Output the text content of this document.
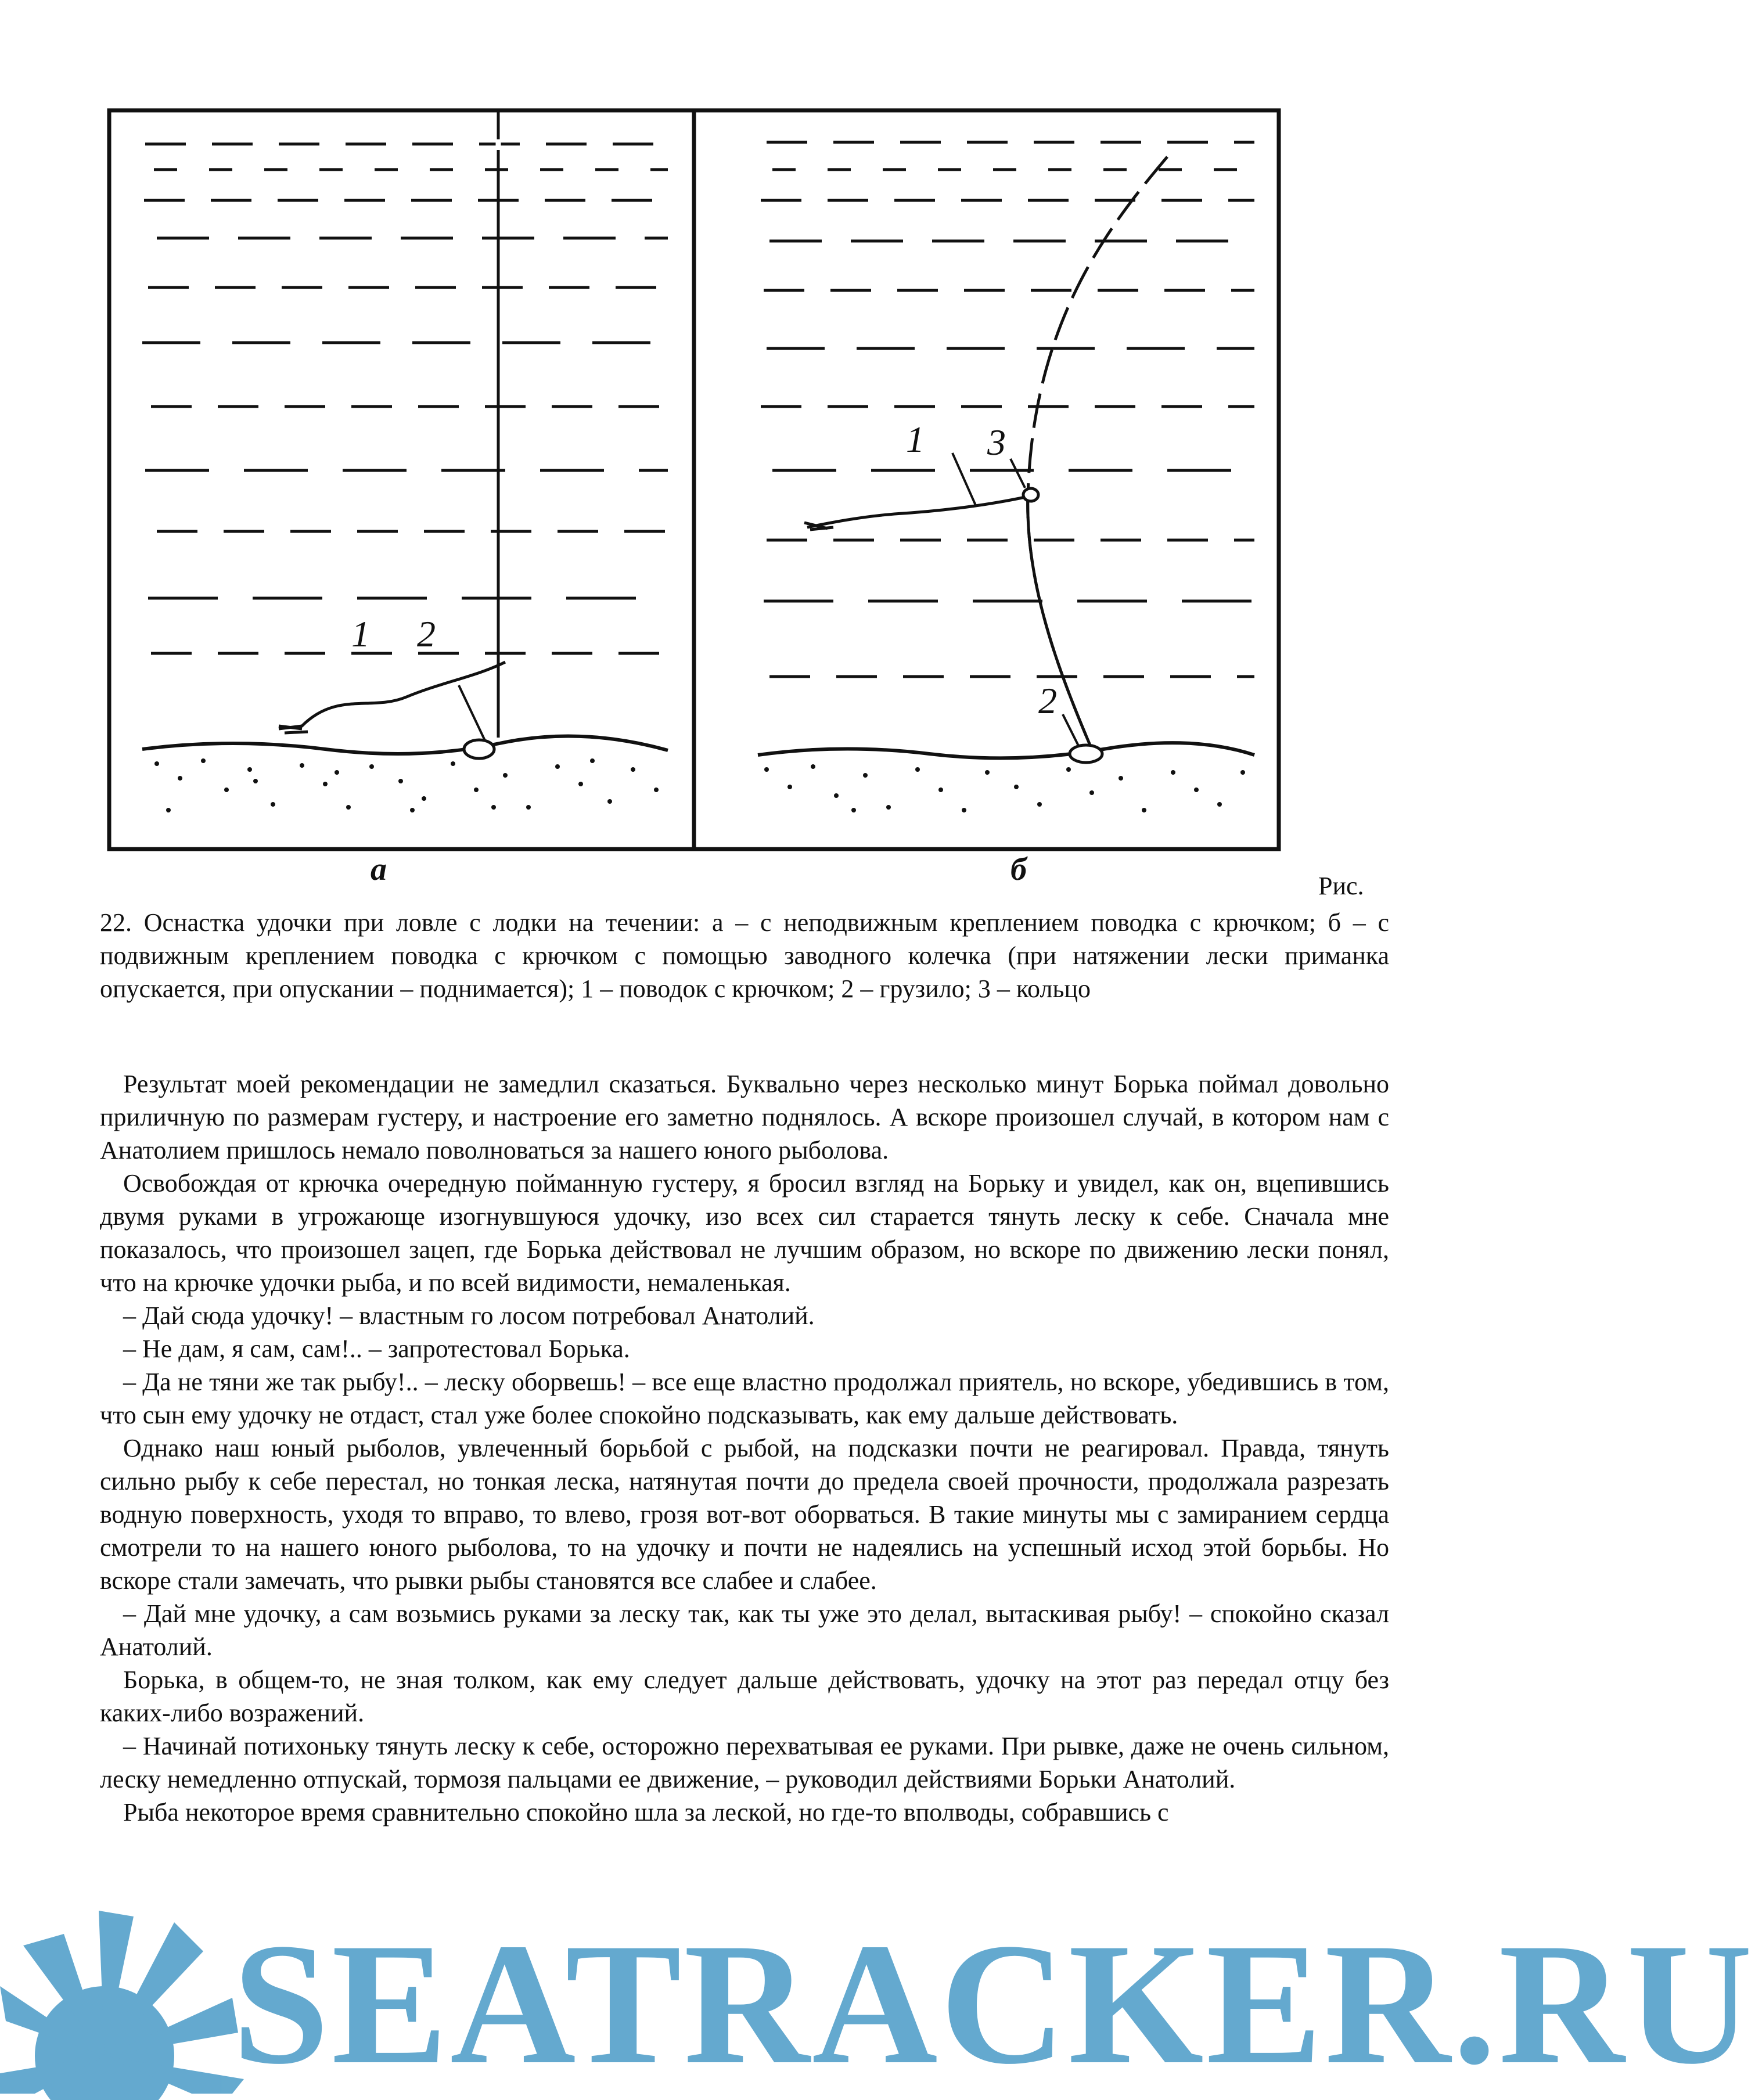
1 2
1 3
2
а	б	Рис.

22. Оснастка удочки при ловле с лодки на течении: а – с неподвижным креплением поводка с крючком; б – с подвижным креплением поводка с крючком с помощью заводного колечка (при натяжении лески приманка опускается, при опускании – поднимается); 1 – поводок с крючком; 2 – грузило; 3 – кольцо

Результат моей рекомендации не замедлил сказаться. Буквально через несколько минут Борька поймал довольно приличную по размерам густеру, и настроение его заметно поднялось. А вскоре произошел случай, в котором нам с Анатолием пришлось немало поволноваться за нашего юного рыболова.

Освобождая от крючка очередную пойманную густеру, я бросил взгляд на Борьку и увидел, как он, вцепившись двумя руками в угрожающе изогнувшуюся удочку, изо всех сил старается тянуть леску к себе. Сначала мне показалось, что произошел зацеп, где Борька действовал не лучшим образом, но вскоре по движению лески понял, что на крючке удочки рыба, и по всей видимости, немаленькая.

– Дай сюда удочку! – властным го лосом потребовал Анатолий.

– Не дам, я сам, сам!.. – запротестовал Борька.

– Да не тяни же так рыбу!.. – леску оборвешь! – все еще властно продолжал приятель, но вскоре, убедившись в том, что сын ему удочку не отдаст, стал уже более спокойно подсказывать, как ему дальше действовать.

Однако наш юный рыболов, увлеченный борьбой с рыбой, на подсказки почти не реагировал. Правда, тянуть сильно рыбу к себе перестал, но тонкая леска, натянутая почти до предела своей прочности, продолжала разрезать водную поверхность, уходя то вправо, то влево, грозя вот-вот оборваться. В такие минуты мы с замиранием сердца смотрели то на нашего юного рыболова, то на удочку и почти не надеялись на успешный исход этой борьбы. Но вскоре стали замечать, что рывки рыбы становятся все слабее и слабее.

– Дай мне удочку, а сам возьмись руками за леску так, как ты уже это делал, вытаскивая рыбу! – спокойно сказал Анатолий.

Борька, в общем-то, не зная толком, как ему следует дальше действовать, удочку на этот раз передал отцу без каких-либо возражений.

– Начинай потихоньку тянуть леску к себе, осторожно перехватывая ее руками. При рывке, даже не очень сильном, леску немедленно отпускай, тормозя пальцами ее движение, – руководил действиями Борьки Анатолий.

Рыба некоторое время сравнительно спокойно шла за леской, но где-то вполводы, собравшись с

SEATRACKER.RU
